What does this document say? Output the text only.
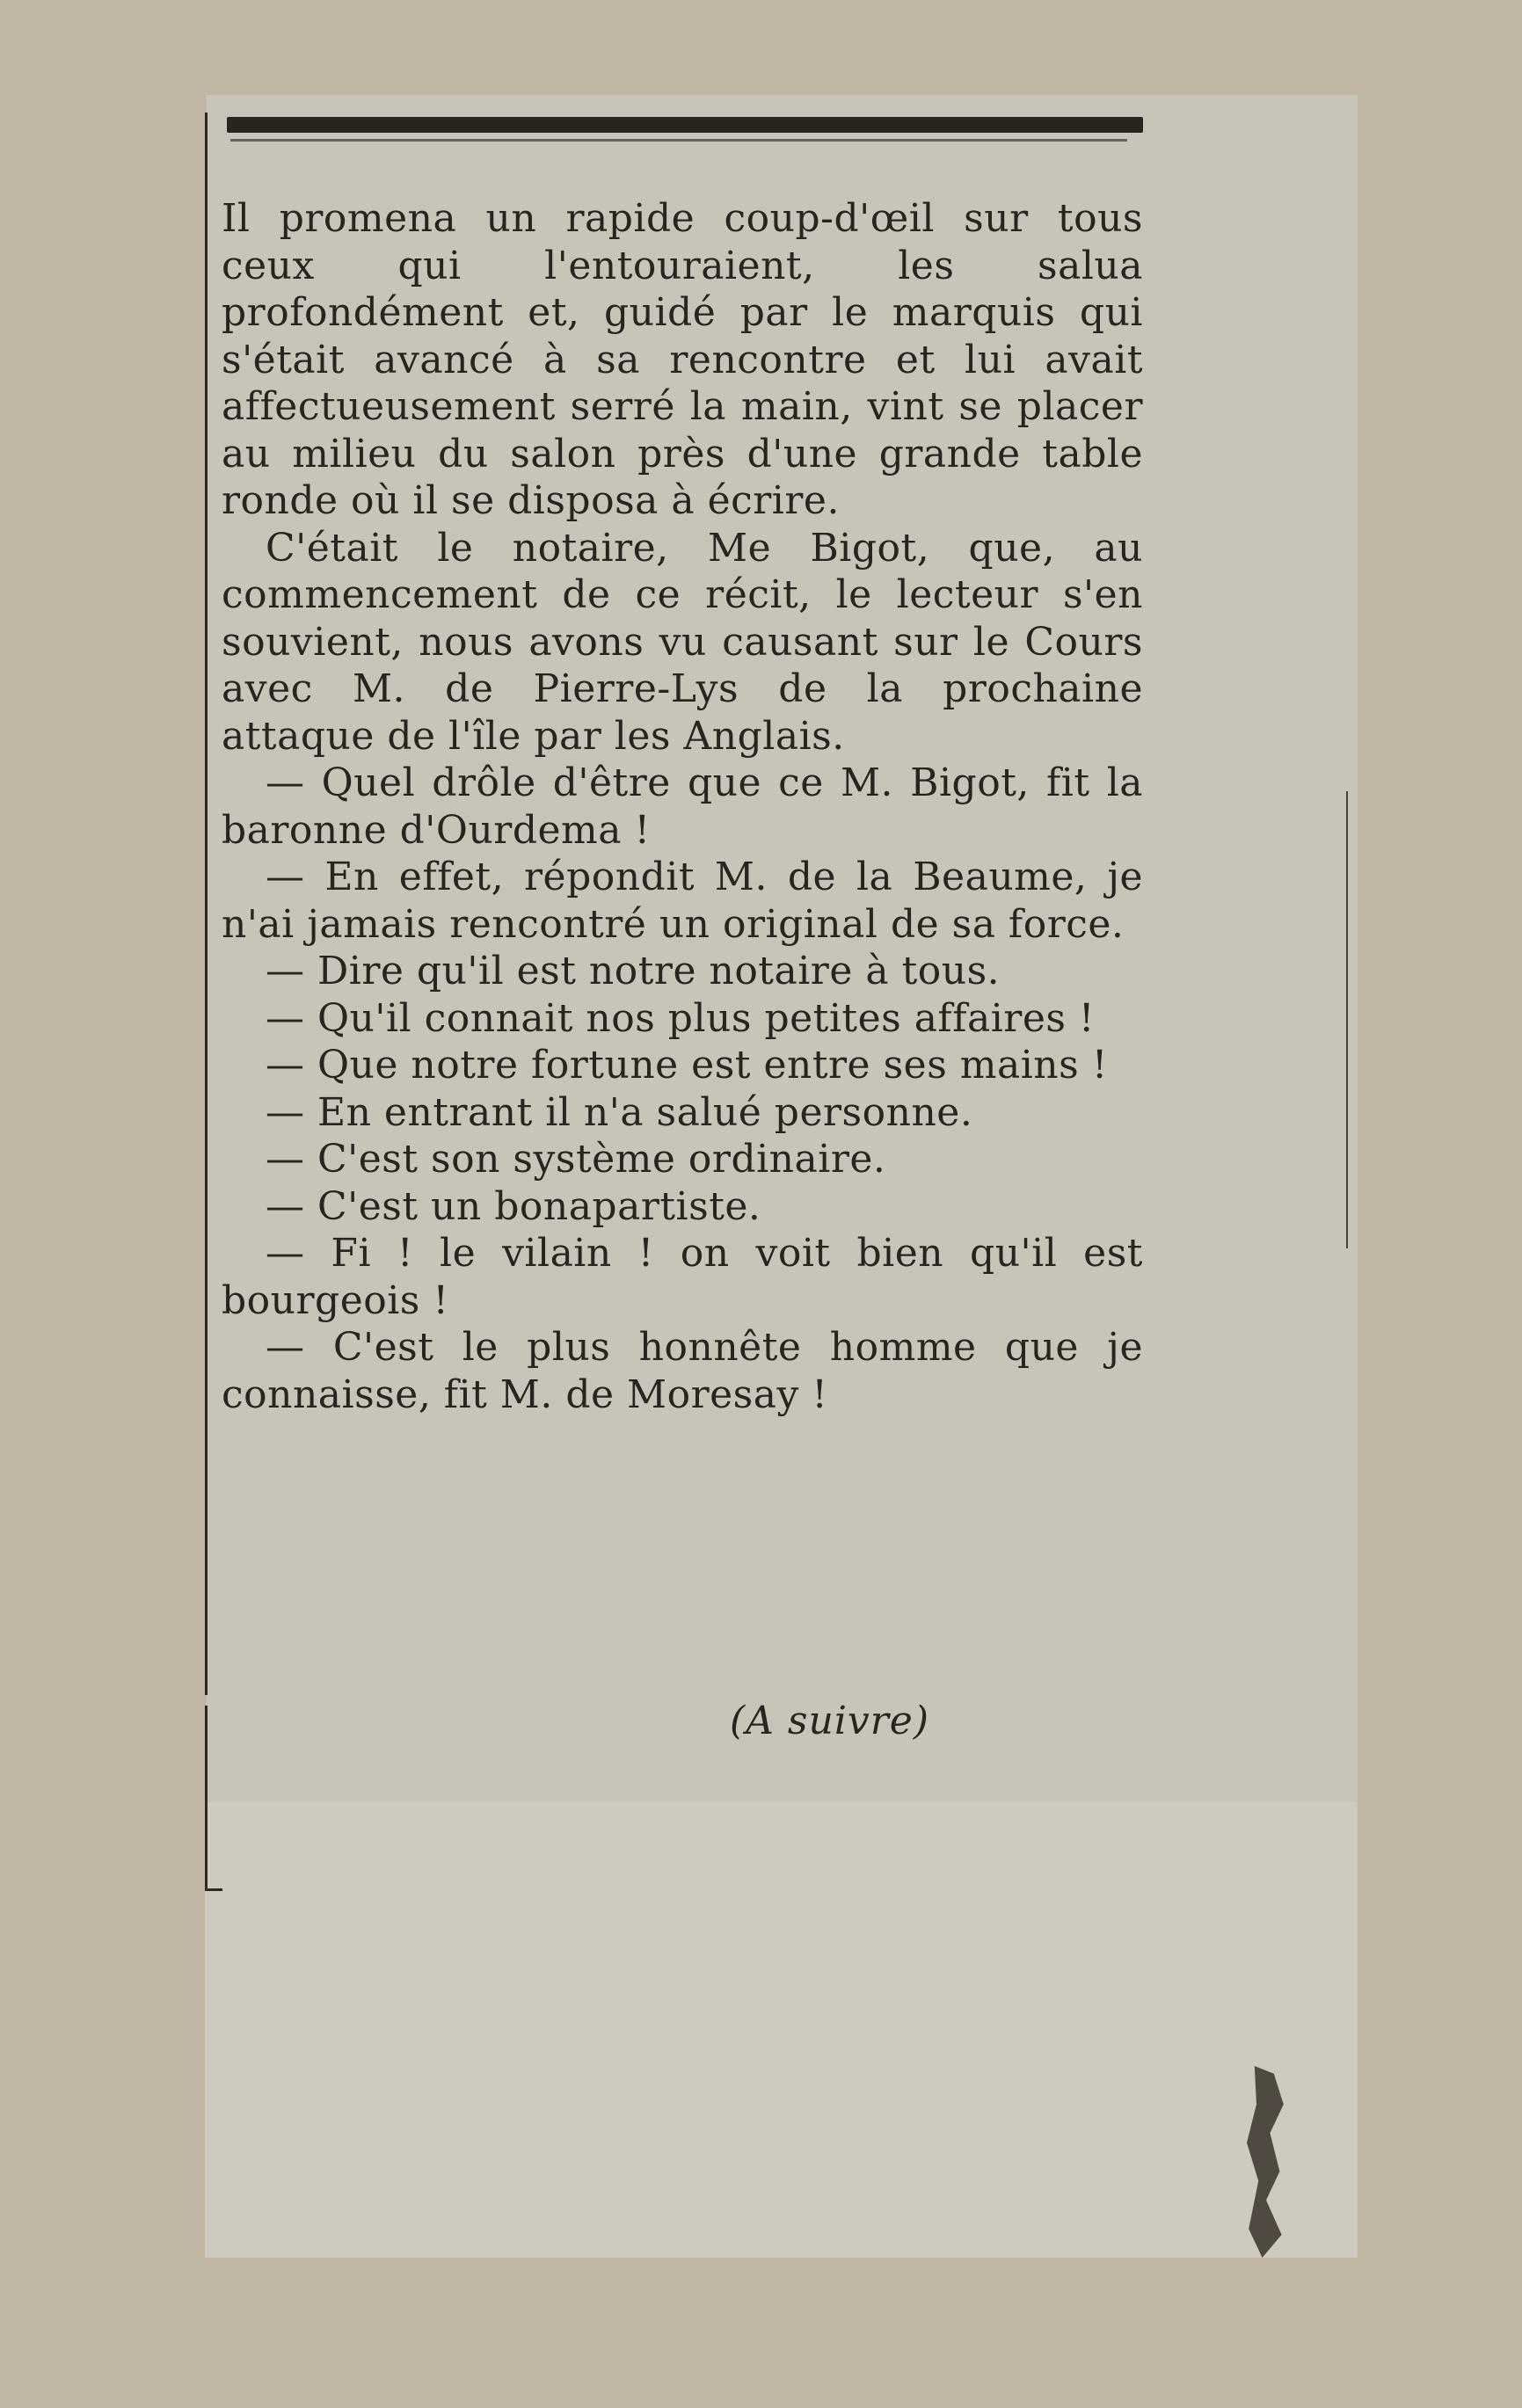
Il promena un rapide coup-d'œil sur tous ceux qui l'entouraient, les salua profondément et, guidé par le marquis qui s'était avancé à sa rencontre et lui avait affectueusement serré la main, vint se placer au milieu du salon près d'une grande table ronde où il se disposa à écrire.

C'était le notaire, Me Bigot, que, au commencement de ce récit, le lecteur s'en souvient, nous avons vu causant sur le Cours avec M. de Pierre-Lys de la prochaine attaque de l'île par les Anglais.

— Quel drôle d'être que ce M. Bigot, fit la baronne d'Ourdema !

— En effet, répondit M. de la Beaume, je n'ai jamais rencontré un original de sa force.

— Dire qu'il est notre notaire à tous.

— Qu'il connait nos plus petites affaires !

— Que notre fortune est entre ses mains !

— En entrant il n'a salué personne.

— C'est son système ordinaire.

— C'est un bonapartiste.

— Fi ! le vilain ! on voit bien qu'il est bourgeois !

— C'est le plus honnête homme que je connaisse, fit M. de Moresay !

(A suivre)
